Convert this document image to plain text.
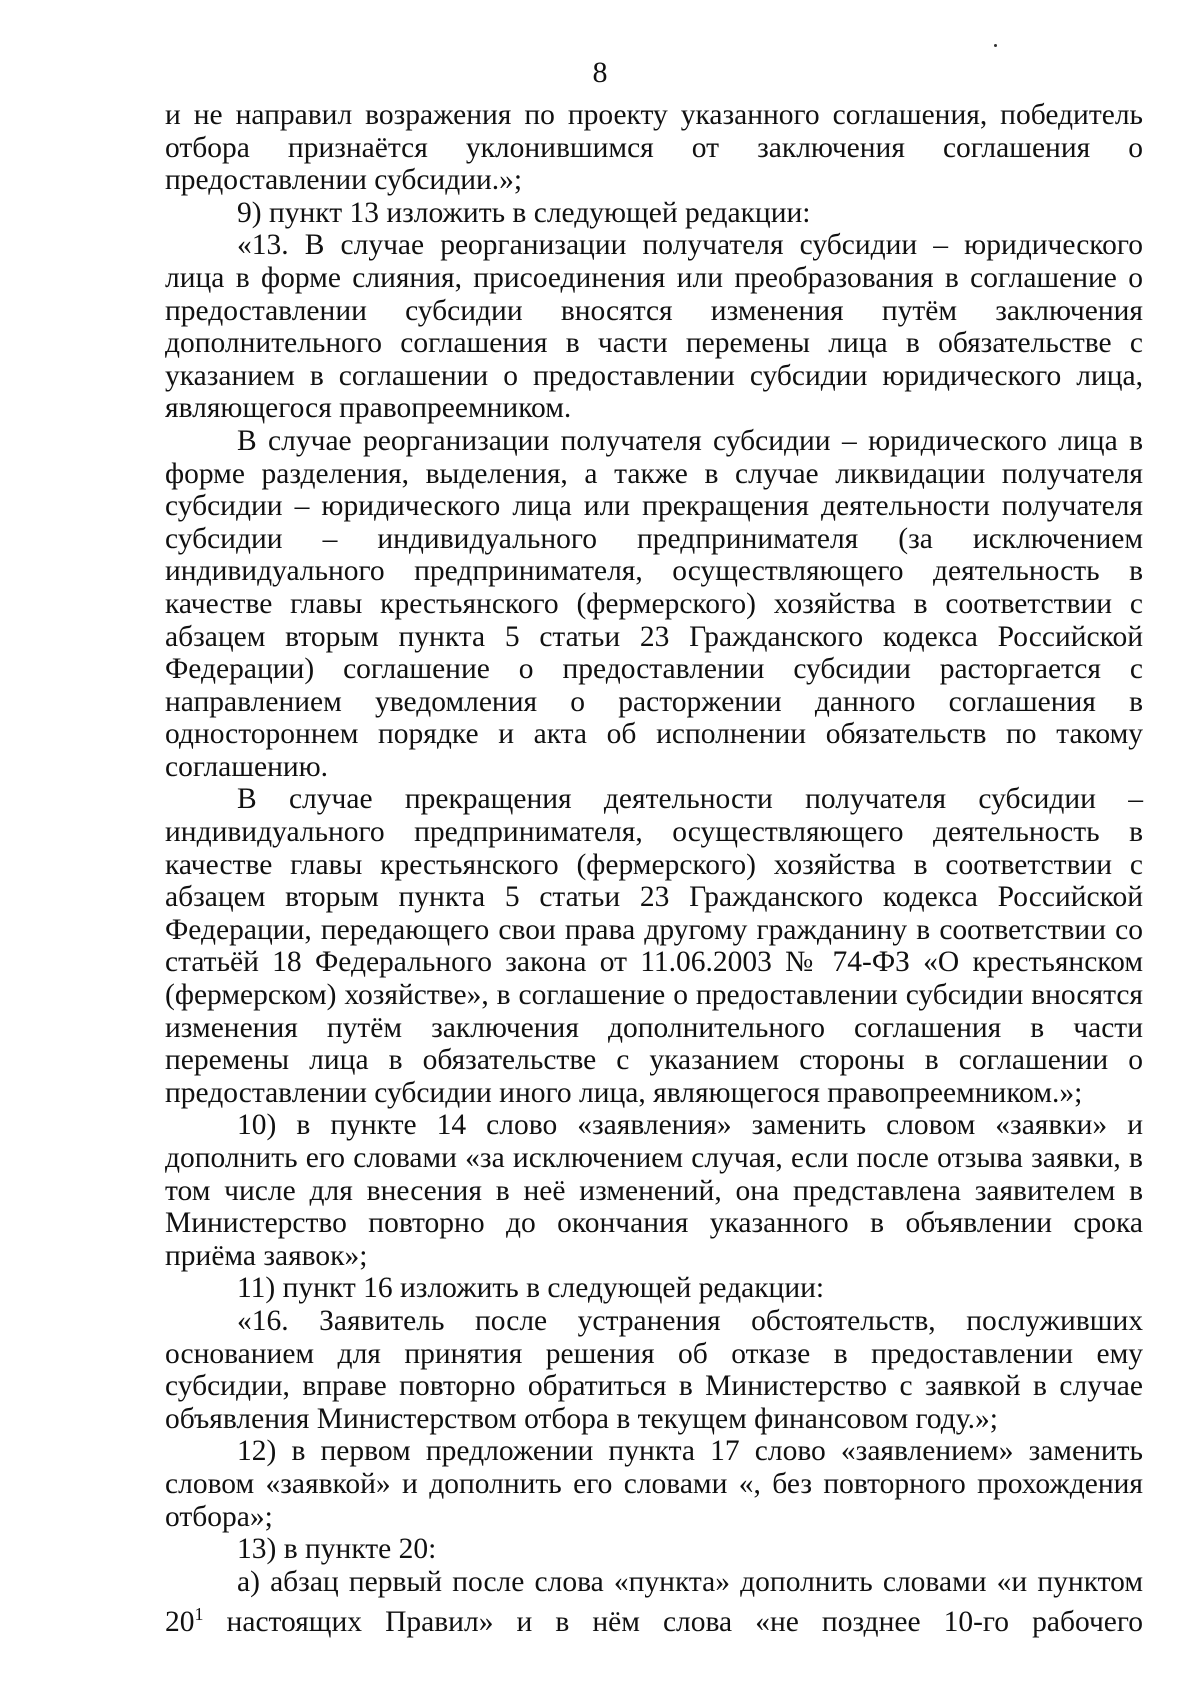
8

и не направил возражения по проекту указанного соглашения, победитель отбора признаётся уклонившимся от заключения соглашения о предоставлении субсидии.»;

9) пункт 13 изложить в следующей редакции:

«13. В случае реорганизации получателя субсидии – юридического лица в форме слияния, присоединения или преобразования в соглашение о предоставлении субсидии вносятся изменения путём заключения дополнительного соглашения в части перемены лица в обязательстве с указанием в соглашении о предоставлении субсидии юридического лица, являющегося правопреемником.

В случае реорганизации получателя субсидии – юридического лица в форме разделения, выделения, а также в случае ликвидации получателя субсидии – юридического лица или прекращения деятельности получателя субсидии – индивидуального предпринимателя (за исключением индивидуального предпринимателя, осуществляющего деятельность в качестве главы крестьянского (фермерского) хозяйства в соответствии с абзацем вторым пункта 5 статьи 23 Гражданского кодекса Российской Федерации) соглашение о предоставлении субсидии расторгается с направлением уведомления о расторжении данного соглашения в одностороннем порядке и акта об исполнении обязательств по такому соглашению.

В случае прекращения деятельности получателя субсидии – индивидуального предпринимателя, осуществляющего деятельность в качестве главы крестьянского (фермерского) хозяйства в соответствии с абзацем вторым пункта 5 статьи 23 Гражданского кодекса Российской Федерации, передающего свои права другому гражданину в соответствии со статьёй 18 Федерального закона от 11.06.2003 № 74-ФЗ «О крестьянском (фермерском) хозяйстве», в соглашение о предоставлении субсидии вносятся изменения путём заключения дополнительного соглашения в части перемены лица в обязательстве с указанием стороны в соглашении о предоставлении субсидии иного лица, являющегося правопреемником.»;

10) в пункте 14 слово «заявления» заменить словом «заявки» и дополнить его словами «за исключением случая, если после отзыва заявки, в том числе для внесения в неё изменений, она представлена заявителем в Министерство повторно до окончания указанного в объявлении срока приёма заявок»;

11) пункт 16 изложить в следующей редакции:

«16. Заявитель после устранения обстоятельств, послуживших основанием для принятия решения об отказе в предоставлении ему субсидии, вправе повторно обратиться в Министерство с заявкой в случае объявления Министерством отбора в текущем финансовом году.»;

12) в первом предложении пункта 17 слово «заявлением» заменить словом «заявкой» и дополнить его словами «, без повторного прохождения отбора»;

13) в пункте 20:

а) абзац первый после слова «пункта» дополнить словами «и пунктом $20^1$ настоящих Правил» и в нём слова «не позднее 10-го рабочего
